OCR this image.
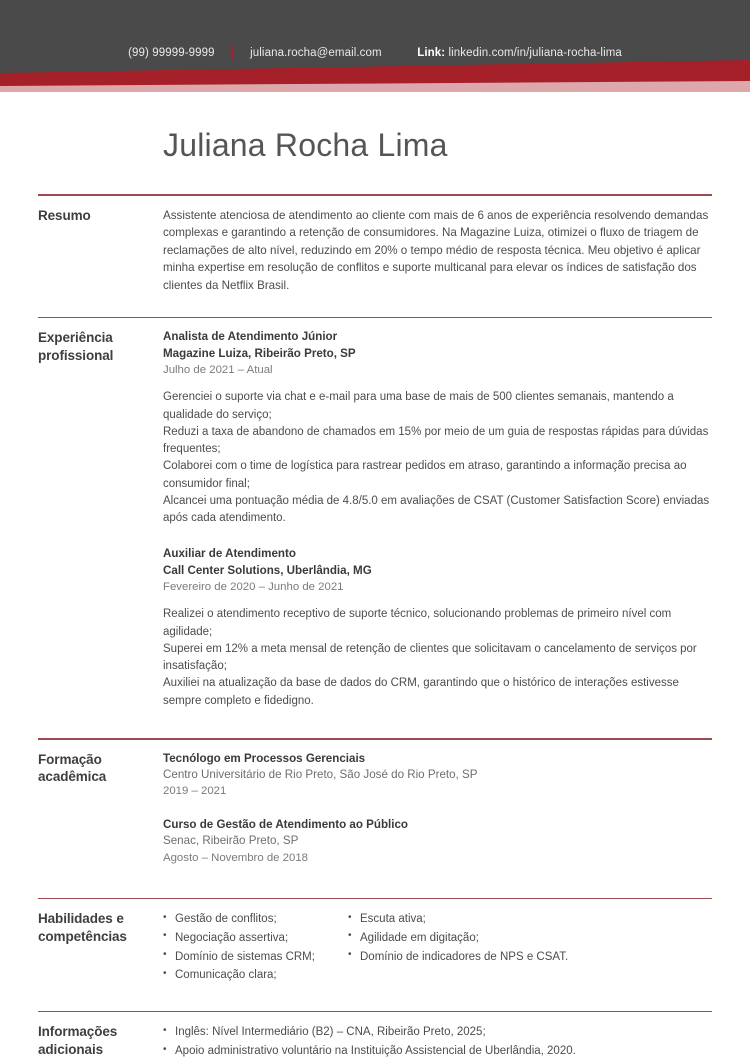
(99) 99999-9999	juliana.rocha@email.com	Link: linkedin.com/in/juliana-rocha-lima
Juliana Rocha Lima
Resumo	Assistente atenciosa de atendimento ao cliente com mais de 6 anos de experiência resolvendo demandas complexas e garantindo a retenção de consumidores. Na Magazine Luiza, otimizei o fluxo de triagem de reclamações de alto nível, reduzindo em 20% o tempo médio de resposta técnica. Meu objetivo é aplicar minha expertise em resolução de conflitos e suporte multicanal para elevar os índices de satisfação dos clientes da Netflix Brasil.
Experiência profissional
Analista de Atendimento Júnior
Magazine Luiza, Ribeirão Preto, SP
Julho de 2021 – Atual
Gerenciei o suporte via chat e e-mail para uma base de mais de 500 clientes semanais, mantendo a qualidade do serviço;
Reduzi a taxa de abandono de chamados em 15% por meio de um guia de respostas rápidas para dúvidas frequentes;
Colaborei com o time de logística para rastrear pedidos em atraso, garantindo a informação precisa ao consumidor final;
Alcancei uma pontuação média de 4.8/5.0 em avaliações de CSAT (Customer Satisfaction Score) enviadas após cada atendimento.
Auxiliar de Atendimento
Call Center Solutions, Uberlândia, MG
Fevereiro de 2020 – Junho de 2021
Realizei o atendimento receptivo de suporte técnico, solucionando problemas de primeiro nível com agilidade;
Superei em 12% a meta mensal de retenção de clientes que solicitavam o cancelamento de serviços por insatisfação;
Auxiliei na atualização da base de dados do CRM, garantindo que o histórico de interações estivesse sempre completo e fidedigno.
Formação acadêmica
Tecnólogo em Processos Gerenciais
Centro Universitário de Rio Preto, São José do Rio Preto, SP
2019 – 2021
Curso de Gestão de Atendimento ao Público
Senac, Ribeirão Preto, SP
Agosto – Novembro de 2018
Habilidades e competências
• Gestão de conflitos;
• Negociação assertiva;
• Domínio de sistemas CRM;
• Comunicação clara;
• Escuta ativa;
• Agilidade em digitação;
• Domínio de indicadores de NPS e CSAT.
Informações adicionais
• Inglês: Nível Intermediário (B2) – CNA, Ribeirão Preto, 2025;
• Apoio administrativo voluntário na Instituição Assistencial de Uberlândia, 2020.
